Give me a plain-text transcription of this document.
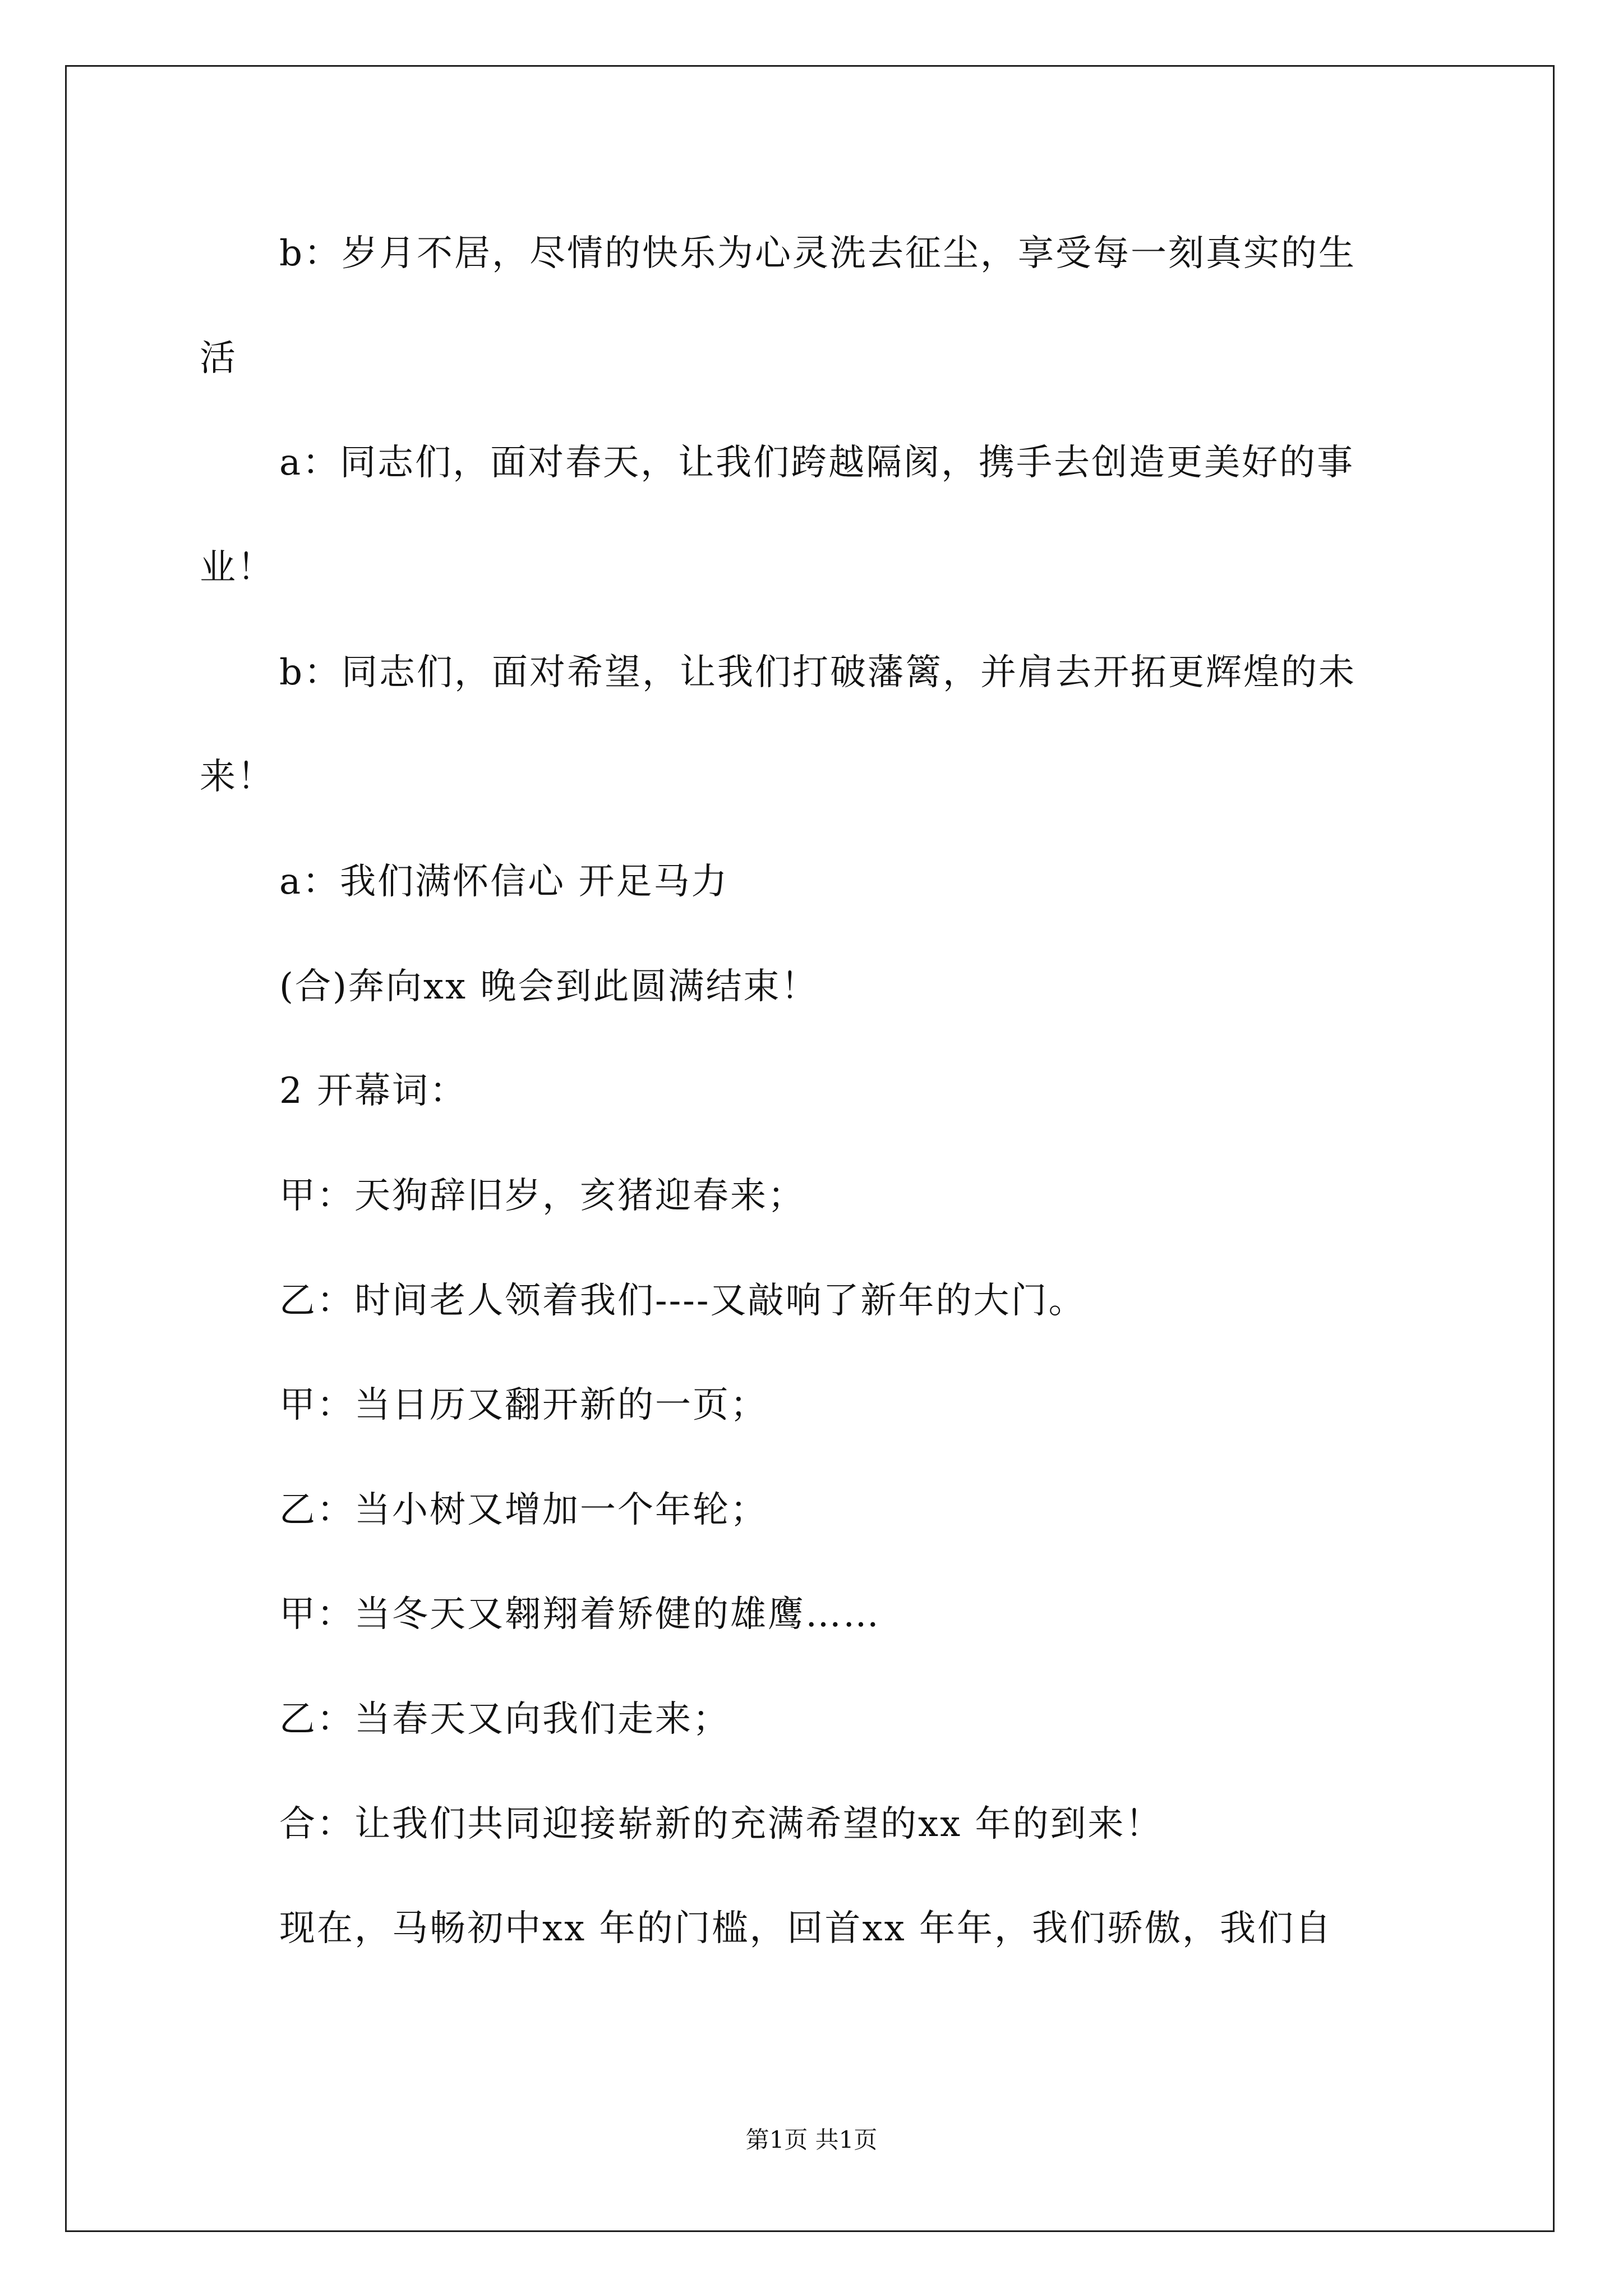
b：岁月不居，尽情的快乐为心灵洗去征尘，享受每一刻真实的生
活
a：同志们，面对春天，让我们跨越隔阂，携手去创造更美好的事
业！
b：同志们，面对希望，让我们打破藩篱，并肩去开拓更辉煌的未
来！
a：我们满怀信心 开足马力
(合)奔向xx 晚会到此圆满结束！
2 开幕词：
甲：天狗辞旧岁，亥猪迎春来；
乙：时间老人领着我们----又敲响了新年的大门。
甲：当日历又翻开新的一页；
乙：当小树又增加一个年轮；
甲：当冬天又翱翔着矫健的雄鹰……
乙：当春天又向我们走来；
合：让我们共同迎接崭新的充满希望的xx 年的到来！
现在，马畅初中xx 年的门槛，回首xx 年年，我们骄傲，我们自
第1页 共1页
